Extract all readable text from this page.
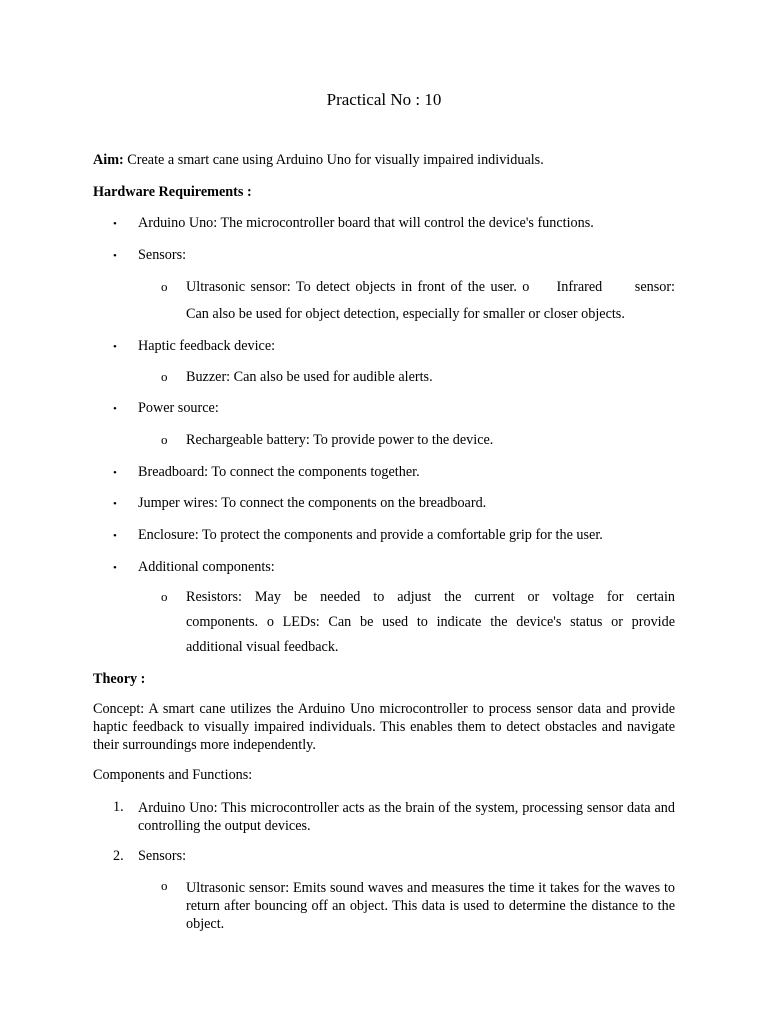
Practical No : 10
Aim: Create a smart cane using Arduino Uno for visually impaired individuals.
Hardware Requirements :
• Arduino Uno: The microcontroller board that will control the device's functions.
• Sensors:
o Ultrasonic sensor: To detect objects in front of the user. o     Infrared      sensor:
Can also be used for object detection, especially for smaller or closer objects.
• Haptic feedback device:
o Buzzer: Can also be used for audible alerts.
• Power source:
o Rechargeable battery: To provide power to the device.
• Breadboard: To connect the components together.
• Jumper wires: To connect the components on the breadboard.
• Enclosure: To protect the components and provide a comfortable grip for the user.
• Additional components:
o Resistors: May be needed to adjust the current or voltage for certain
components. o LEDs: Can be used to indicate the device's status or provide
additional visual feedback.
Theory :
Concept: A smart cane utilizes the Arduino Uno microcontroller to process sensor data and provide haptic feedback to visually impaired individuals. This enables them to detect obstacles and navigate their surroundings more independently.
Components and Functions:
1. Arduino Uno: This microcontroller acts as the brain of the system, processing sensor data and controlling the output devices.
2. Sensors:
o Ultrasonic sensor: Emits sound waves and measures the time it takes for the waves to return after bouncing off an object. This data is used to determine the distance to the object.
